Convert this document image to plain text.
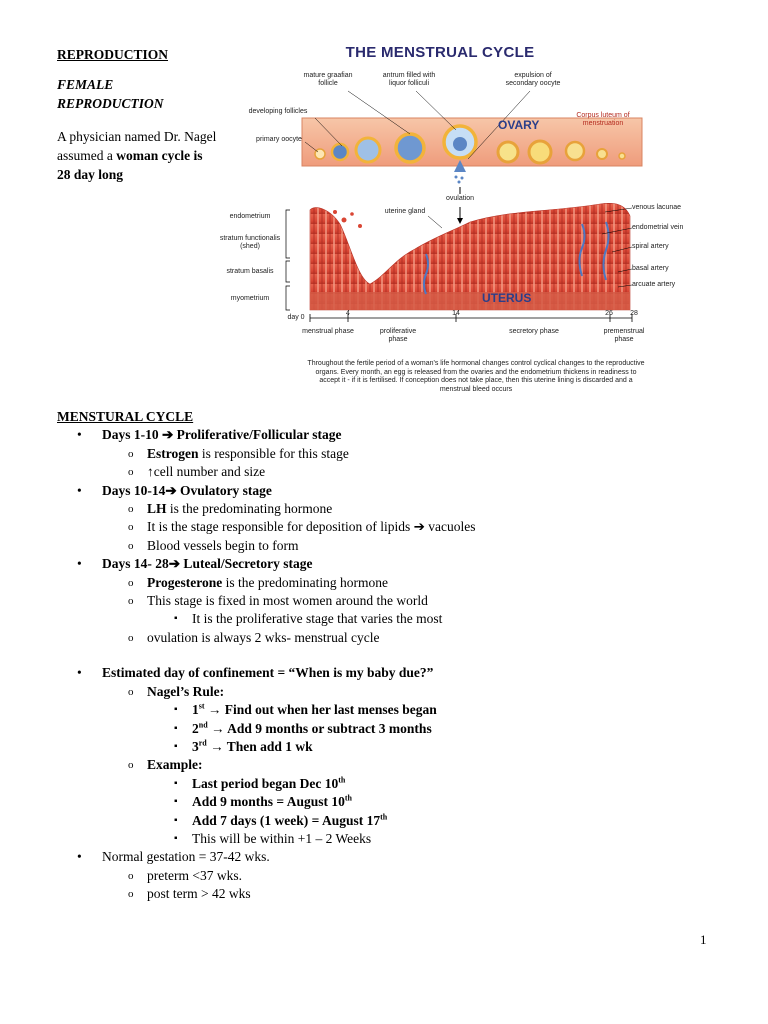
REPRODUCTION
FEMALE REPRODUCTION
A physician named Dr. Nagel assumed a woman cycle is 28 day long
THE MENSTRUAL CYCLE
mature graafian follicle
antrum filled with liquor folliculi
expulsion of secondary oocyte
Corpus luteum of menstruation
OVARY
developing follicles
primary oocyte
ovulation
endometrium
stratum functionalis (shed)
stratum basalis
myometrium
uterine gland
venous lacunae
endometrial vein
spiral artery
basal artery
arcuate artery
UTERUS
day 0
4	14	26	28
menstrual phase	proliferative phase
secretory phase	premenstrual phase
Throughout the fertile period of a woman's life hormonal changes control cyclical changes to the reproductive organs. Every month, an egg is released from the ovaries and the endometrium thickens in readiness to accept it - if it is fertilised. If conception does not take place, then this uterine lining is discarded and a menstrual bleed occurs
MENSTURAL CYCLE
• Days 1-10 ➔ Proliferative/Follicular stage
o Estrogen is responsible for this stage
o ↑cell number and size
• Days 10-14➔ Ovulatory stage
o LH is the predominating hormone
o It is the stage responsible for deposition of lipids ➔ vacuoles
o Blood vessels begin to form
• Days 14- 28➔ Luteal/Secretory stage
o Progesterone is the predominating hormone
o This stage is fixed in most women around the world
▪ It is the proliferative stage that varies the most
o ovulation is always 2 wks- menstrual cycle
• Estimated day of confinement = “When is my baby due?”
o Nagel’s Rule:
▪ 1st → Find out when her last menses began
▪ 2nd → Add 9 months or subtract 3 months
▪ 3rd → Then add 1 wk
o Example:
▪ Last period began Dec 10th
▪ Add 9 months = August 10th
▪ Add 7 days (1 week) = August 17th
▪ This will be within +1 – 2 Weeks
• Normal gestation = 37-42 wks.
o preterm <37 wks.
o post term > 42 wks
1
